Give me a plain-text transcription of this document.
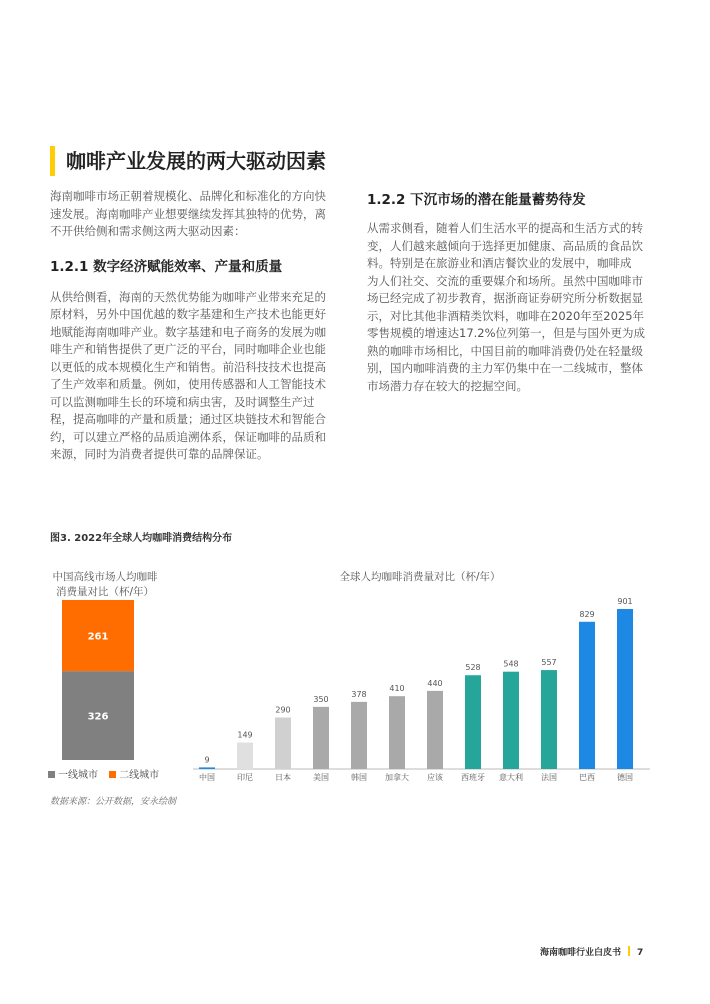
咖啡产业发展的两大驱动因素

海南咖啡市场正朝着规模化、品牌化和标准化的方向快
速发展。海南咖啡产业想要继续发挥其独特的优势，离
不开供给侧和需求侧这两大驱动因素：

1.2.1 数字经济赋能效率、产量和质量

从供给侧看，海南的天然优势能为咖啡产业带来充足的
原材料，另外中国优越的数字基建和生产技术也能更好
地赋能海南咖啡产业。数字基建和电子商务的发展为咖
啡生产和销售提供了更广泛的平台，同时咖啡企业也能
以更低的成本规模化生产和销售。前沿科技技术也提高
了生产效率和质量。例如，使用传感器和人工智能技术
可以监测咖啡生长的环境和病虫害，及时调整生产过
程，提高咖啡的产量和质量；通过区块链技术和智能合
约，可以建立严格的品质追溯体系，保证咖啡的品质和
来源，同时为消费者提供可靠的品牌保证。

1.2.2 下沉市场的潜在能量蓄势待发

从需求侧看，随着人们生活水平的提高和生活方式的转
变，人们越来越倾向于选择更加健康、高品质的食品饮
料。特别是在旅游业和酒店餐饮业的发展中，咖啡成
为人们社交、交流的重要媒介和场所。虽然中国咖啡市
场已经完成了初步教育，据浙商证券研究所分析数据显
示，对比其他非酒精类饮料，咖啡在2020年至2025年
零售规模的增速达17.2%位列第一，但是与国外更为成
熟的咖啡市场相比，中国目前的咖啡消费仍处在轻量级
别，国内咖啡消费的主力军仍集中在一二线城市，整体
市场潜力存在较大的挖掘空间。

图3. 2022年全球人均咖啡消费结构分布
中国高线市场人均咖啡
消费量对比（杯/年）
全球人均咖啡消费量对比（杯/年）
326
261
9
中国
149
印尼
290
日本
350
美国
378
韩国
410
加拿大
440
应该
528
西班牙
548
意大利
557
法国
829
巴西
901
德国
一线城市 二线城市
数据来源：公开数据，安永绘制
海南咖啡行业白皮书 7
